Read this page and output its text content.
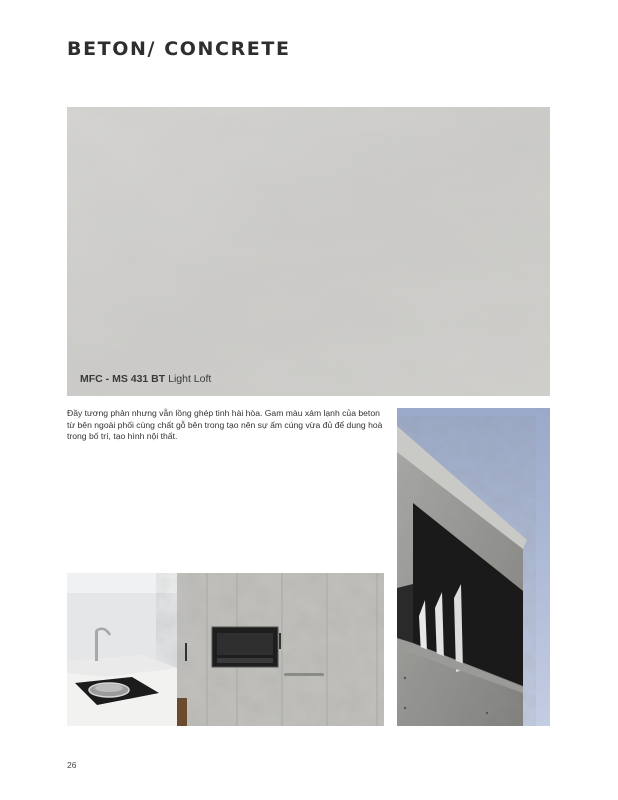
BETON/ CONCRETE
MFC - MS 431 BT Light Loft

Đầy tương phản nhưng vẫn lồng ghép tinh hài hòa. Gam màu xám lạnh của beton từ bên ngoài phối cùng chất gỗ bên trong tạo nên sự ấm cúng vừa đủ để dung hoà trong bố trí, tạo hình nội thất.

26
